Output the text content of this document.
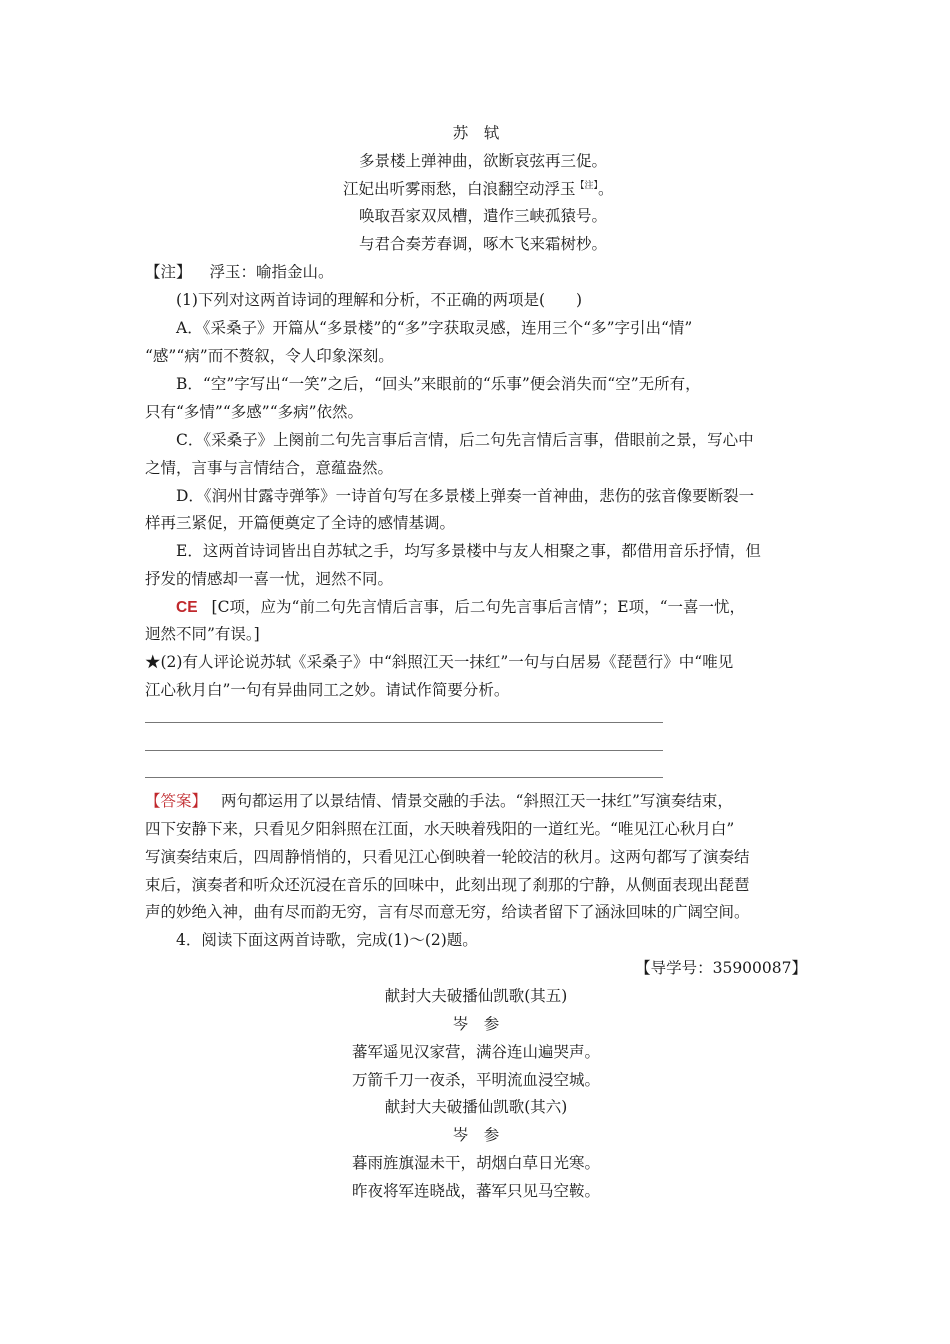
苏　轼
多景楼上弹神曲，欲断哀弦再三促。
江妃出听雾雨愁，白浪翻空动浮玉$^{【注】}$。
唤取吾家双凤槽，遣作三峡孤猿号。
与君合奏芳春调，啄木飞来霜树杪。
【注】 浮玉：喻指金山。
(1)下列对这两首诗词的理解和分析，不正确的两项是(　　)
A．《采桑子》开篇从“多景楼”的“多”字获取灵感，连用三个“多”字引出“情”
“感”“病”而不赘叙，令人印象深刻。
B．“空”字写出“一笑”之后，“回头”来眼前的“乐事”便会消失而“空”无所有，
只有“多情”“多感”“多病”依然。
C．《采桑子》上阕前二句先言事后言情，后二句先言情后言事，借眼前之景，写心中
之情，言事与言情结合，意蕴盎然。
D．《润州甘露寺弹筝》一诗首句写在多景楼上弹奏一首神曲，悲伤的弦音像要断裂一
样再三紧促，开篇便奠定了全诗的感情基调。
E．这两首诗词皆出自苏轼之手，均写多景楼中与友人相聚之事，都借用音乐抒情，但
抒发的情感却一喜一忧，迥然不同。
CE [C项，应为“前二句先言情后言事，后二句先言事后言情”；E项，“一喜一忧，
迥然不同”有误。]
★(2)有人评论说苏轼《采桑子》中“斜照江天一抹红”一句与白居易《琵琶行》中“唯见
江心秋月白”一句有异曲同工之妙。请试作简要分析。
【答案】 两句都运用了以景结情、情景交融的手法。“斜照江天一抹红”写演奏结束，
四下安静下来，只看见夕阳斜照在江面，水天映着残阳的一道红光。“唯见江心秋月白”
写演奏结束后，四周静悄悄的，只看见江心倒映着一轮皎洁的秋月。这两句都写了演奏结
束后，演奏者和听众还沉浸在音乐的回味中，此刻出现了刹那的宁静，从侧面表现出琵琶
声的妙绝入神，曲有尽而韵无穷，言有尽而意无穷，给读者留下了涵泳回味的广阔空间。
4．阅读下面这两首诗歌，完成(1)～(2)题。
【导学号：35900087】
献封大夫破播仙凯歌(其五)
岑　参
蕃军遥见汉家营，满谷连山遍哭声。
万箭千刀一夜杀，平明流血浸空城。
献封大夫破播仙凯歌(其六)
岑　参
暮雨旌旗湿未干，胡烟白草日光寒。
昨夜将军连晓战，蕃军只见马空鞍。
